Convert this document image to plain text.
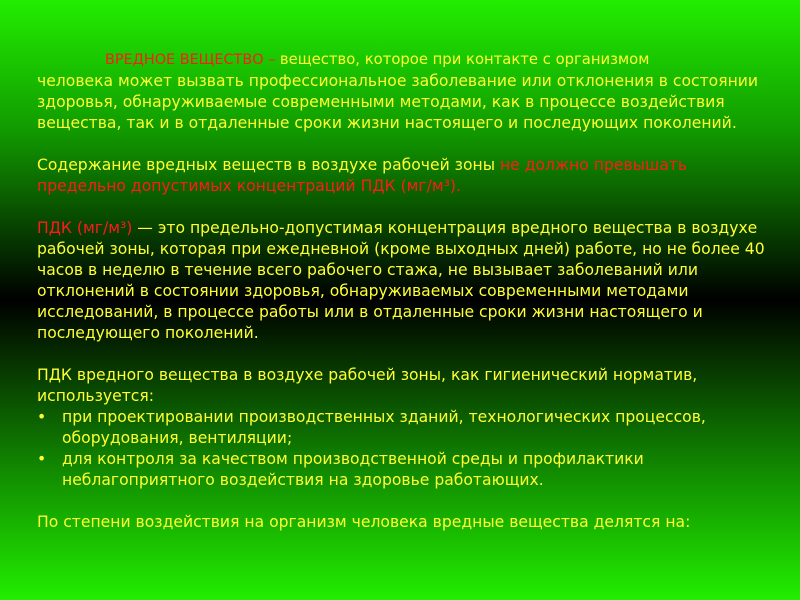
ВРЕДНОЕ ВЕЩЕСТВО – вещество, которое при контакте с организмом

человека может вызвать профессиональное заболевание или отклонения в состоянии здоровья, обнаруживаемые современными методами, как в процессе воздействия вещества, так и в отдаленные сроки жизни настоящего и последующих поколений.

Содержание вредных веществ в воздухе рабочей зоны не должно превышать предельно допустимых концентраций ПДК (мг/м³).

ПДК (мг/м³) — это предельно-допустимая концентрация вредного вещества в воздухе рабочей зоны, которая при ежедневной (кроме выходных дней) работе, но не более 40 часов в неделю в течение всего рабочего стажа, не вызывает заболеваний или отклонений в состоянии здоровья, обнаруживаемых современными методами исследований, в процессе работы или в отдаленные сроки жизни настоящего и последующего поколений.

ПДК вредного вещества в воздухе рабочей зоны, как гигиенический норматив, используется:

• при проектировании производственных зданий, технологических процессов, оборудования, вентиляции;
• для контроля за качеством производственной среды и профилактики неблагоприятного воздействия на здоровье работающих.

По степени воздействия на организм человека вредные вещества делятся на:
